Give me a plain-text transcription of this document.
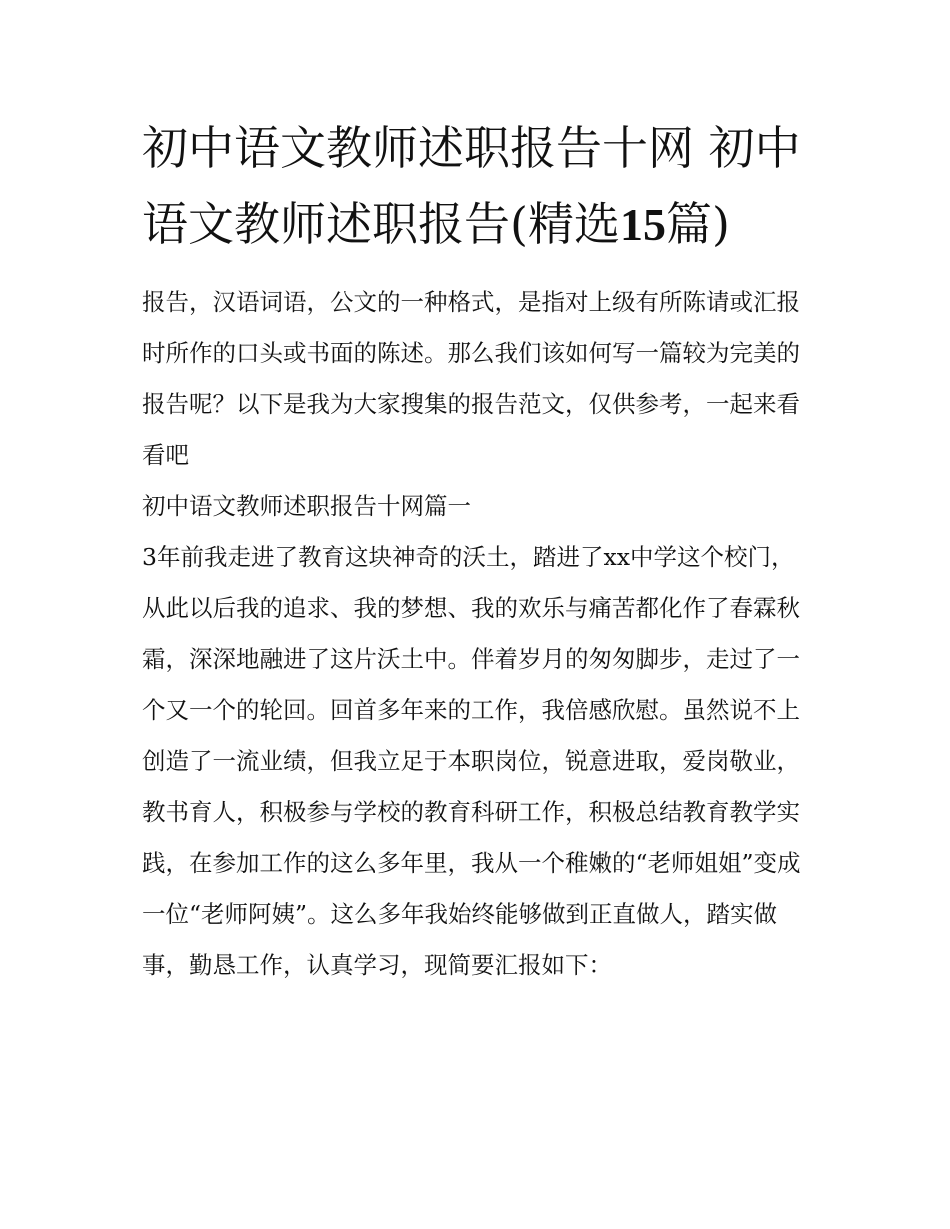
初中语文教师述职报告十网 初中语文教师述职报告(精选15篇)

报告，汉语词语，公文的一种格式，是指对上级有所陈请或汇报时所作的口头或书面的陈述。那么我们该如何写一篇较为完美的报告呢？以下是我为大家搜集的报告范文，仅供参考，一起来看看吧

初中语文教师述职报告十网篇一

3年前我走进了教育这块神奇的沃土，踏进了xx中学这个校门，从此以后我的追求、我的梦想、我的欢乐与痛苦都化作了春霖秋霜，深深地融进了这片沃土中。伴着岁月的匆匆脚步，走过了一个又一个的轮回。回首多年来的工作，我倍感欣慰。虽然说不上创造了一流业绩，但我立足于本职岗位，锐意进取，爱岗敬业，教书育人，积极参与学校的教育科研工作，积极总结教育教学实践，在参加工作的这么多年里，我从一个稚嫩的“老师姐姐”变成一位“老师阿姨”。这么多年我始终能够做到正直做人，踏实做事，勤恳工作，认真学习，现简要汇报如下：
